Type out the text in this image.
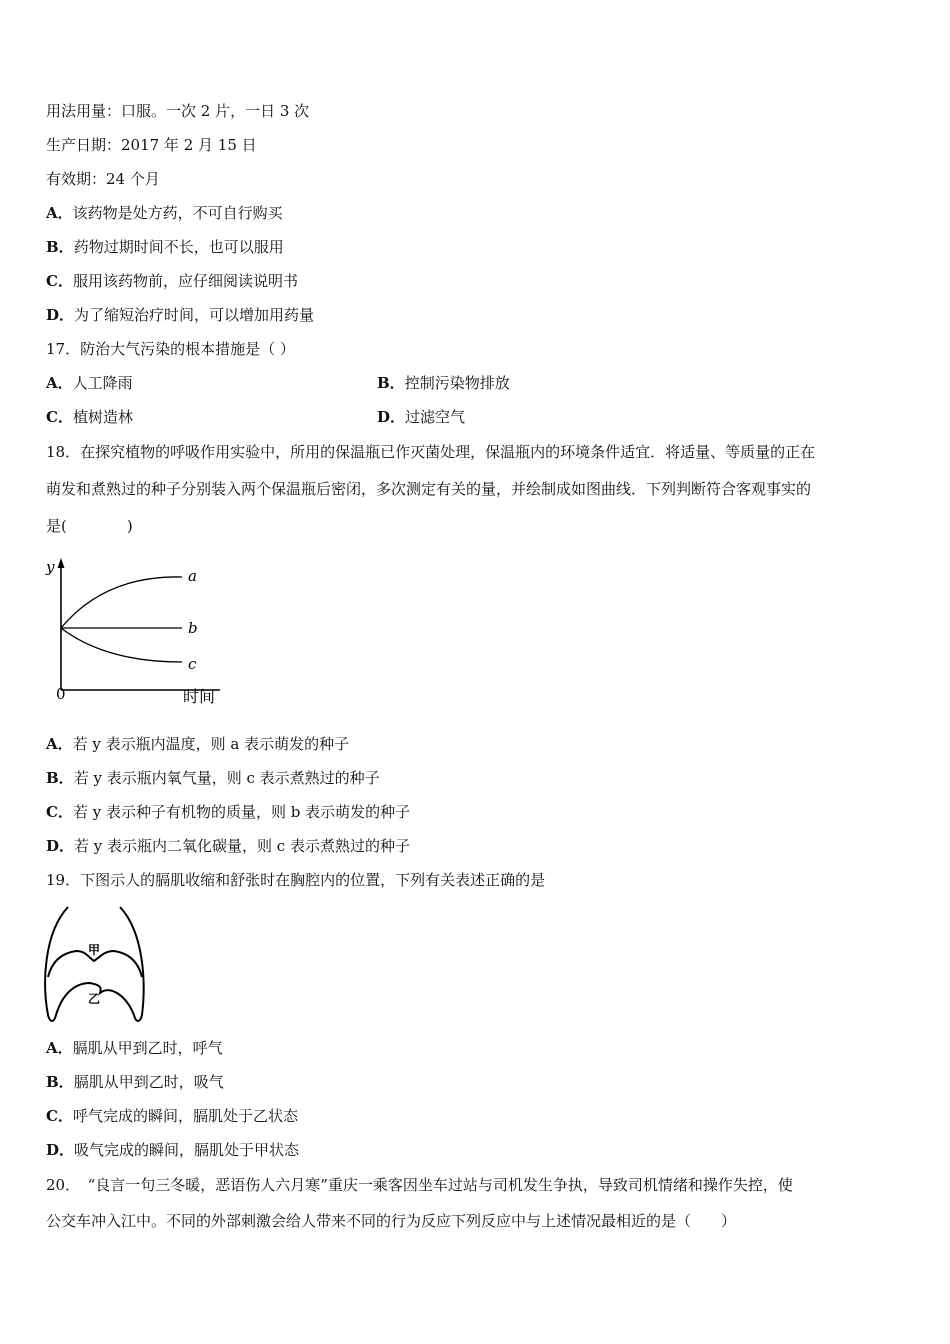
用法用量：口服。一次 2 片，一日 3 次
生产日期：2017 年 2 月 15 日
有效期：24 个月
A．该药物是处方药，不可自行购买
B．药物过期时间不长，也可以服用
C．服用该药物前，应仔细阅读说明书
D．为了缩短治疗时间，可以增加用药量
17．防治大气污染的根本措施是（ ）
A．人工降雨	B．控制污染物排放
C．植树造林	D．过滤空气
18．在探究植物的呼吸作用实验中，所用的保温瓶已作灭菌处理，保温瓶内的环境条件适宜．将适量、等质量的正在
萌发和煮熟过的种子分别装入两个保温瓶后密闭，多次测定有关的量，并绘制成如图曲线．下列判断符合客观事实的
是(　　　　)
y
0	时间
a
b
c
A．若 y 表示瓶内温度，则 a 表示萌发的种子
B．若 y 表示瓶内氧气量，则 c 表示煮熟过的种子
C．若 y 表示种子有机物的质量，则 b 表示萌发的种子
D．若 y 表示瓶内二氧化碳量，则 c 表示煮熟过的种子
19．下图示人的膈肌收缩和舒张时在胸腔内的位置，下列有关表述正确的是
甲
乙
A．膈肌从甲到乙时，呼气
B．膈肌从甲到乙时，吸气
C．呼气完成的瞬间，膈肌处于乙状态
D．吸气完成的瞬间，膈肌处于甲状态
20．　“良言一句三冬暖，恶语伤人六月寒”重庆一乘客因坐车过站与司机发生争执，导致司机情绪和操作失控，使
公交车冲入江中。不同的外部刺激会给人带来不同的行为反应下列反应中与上述情况最相近的是（　　）
